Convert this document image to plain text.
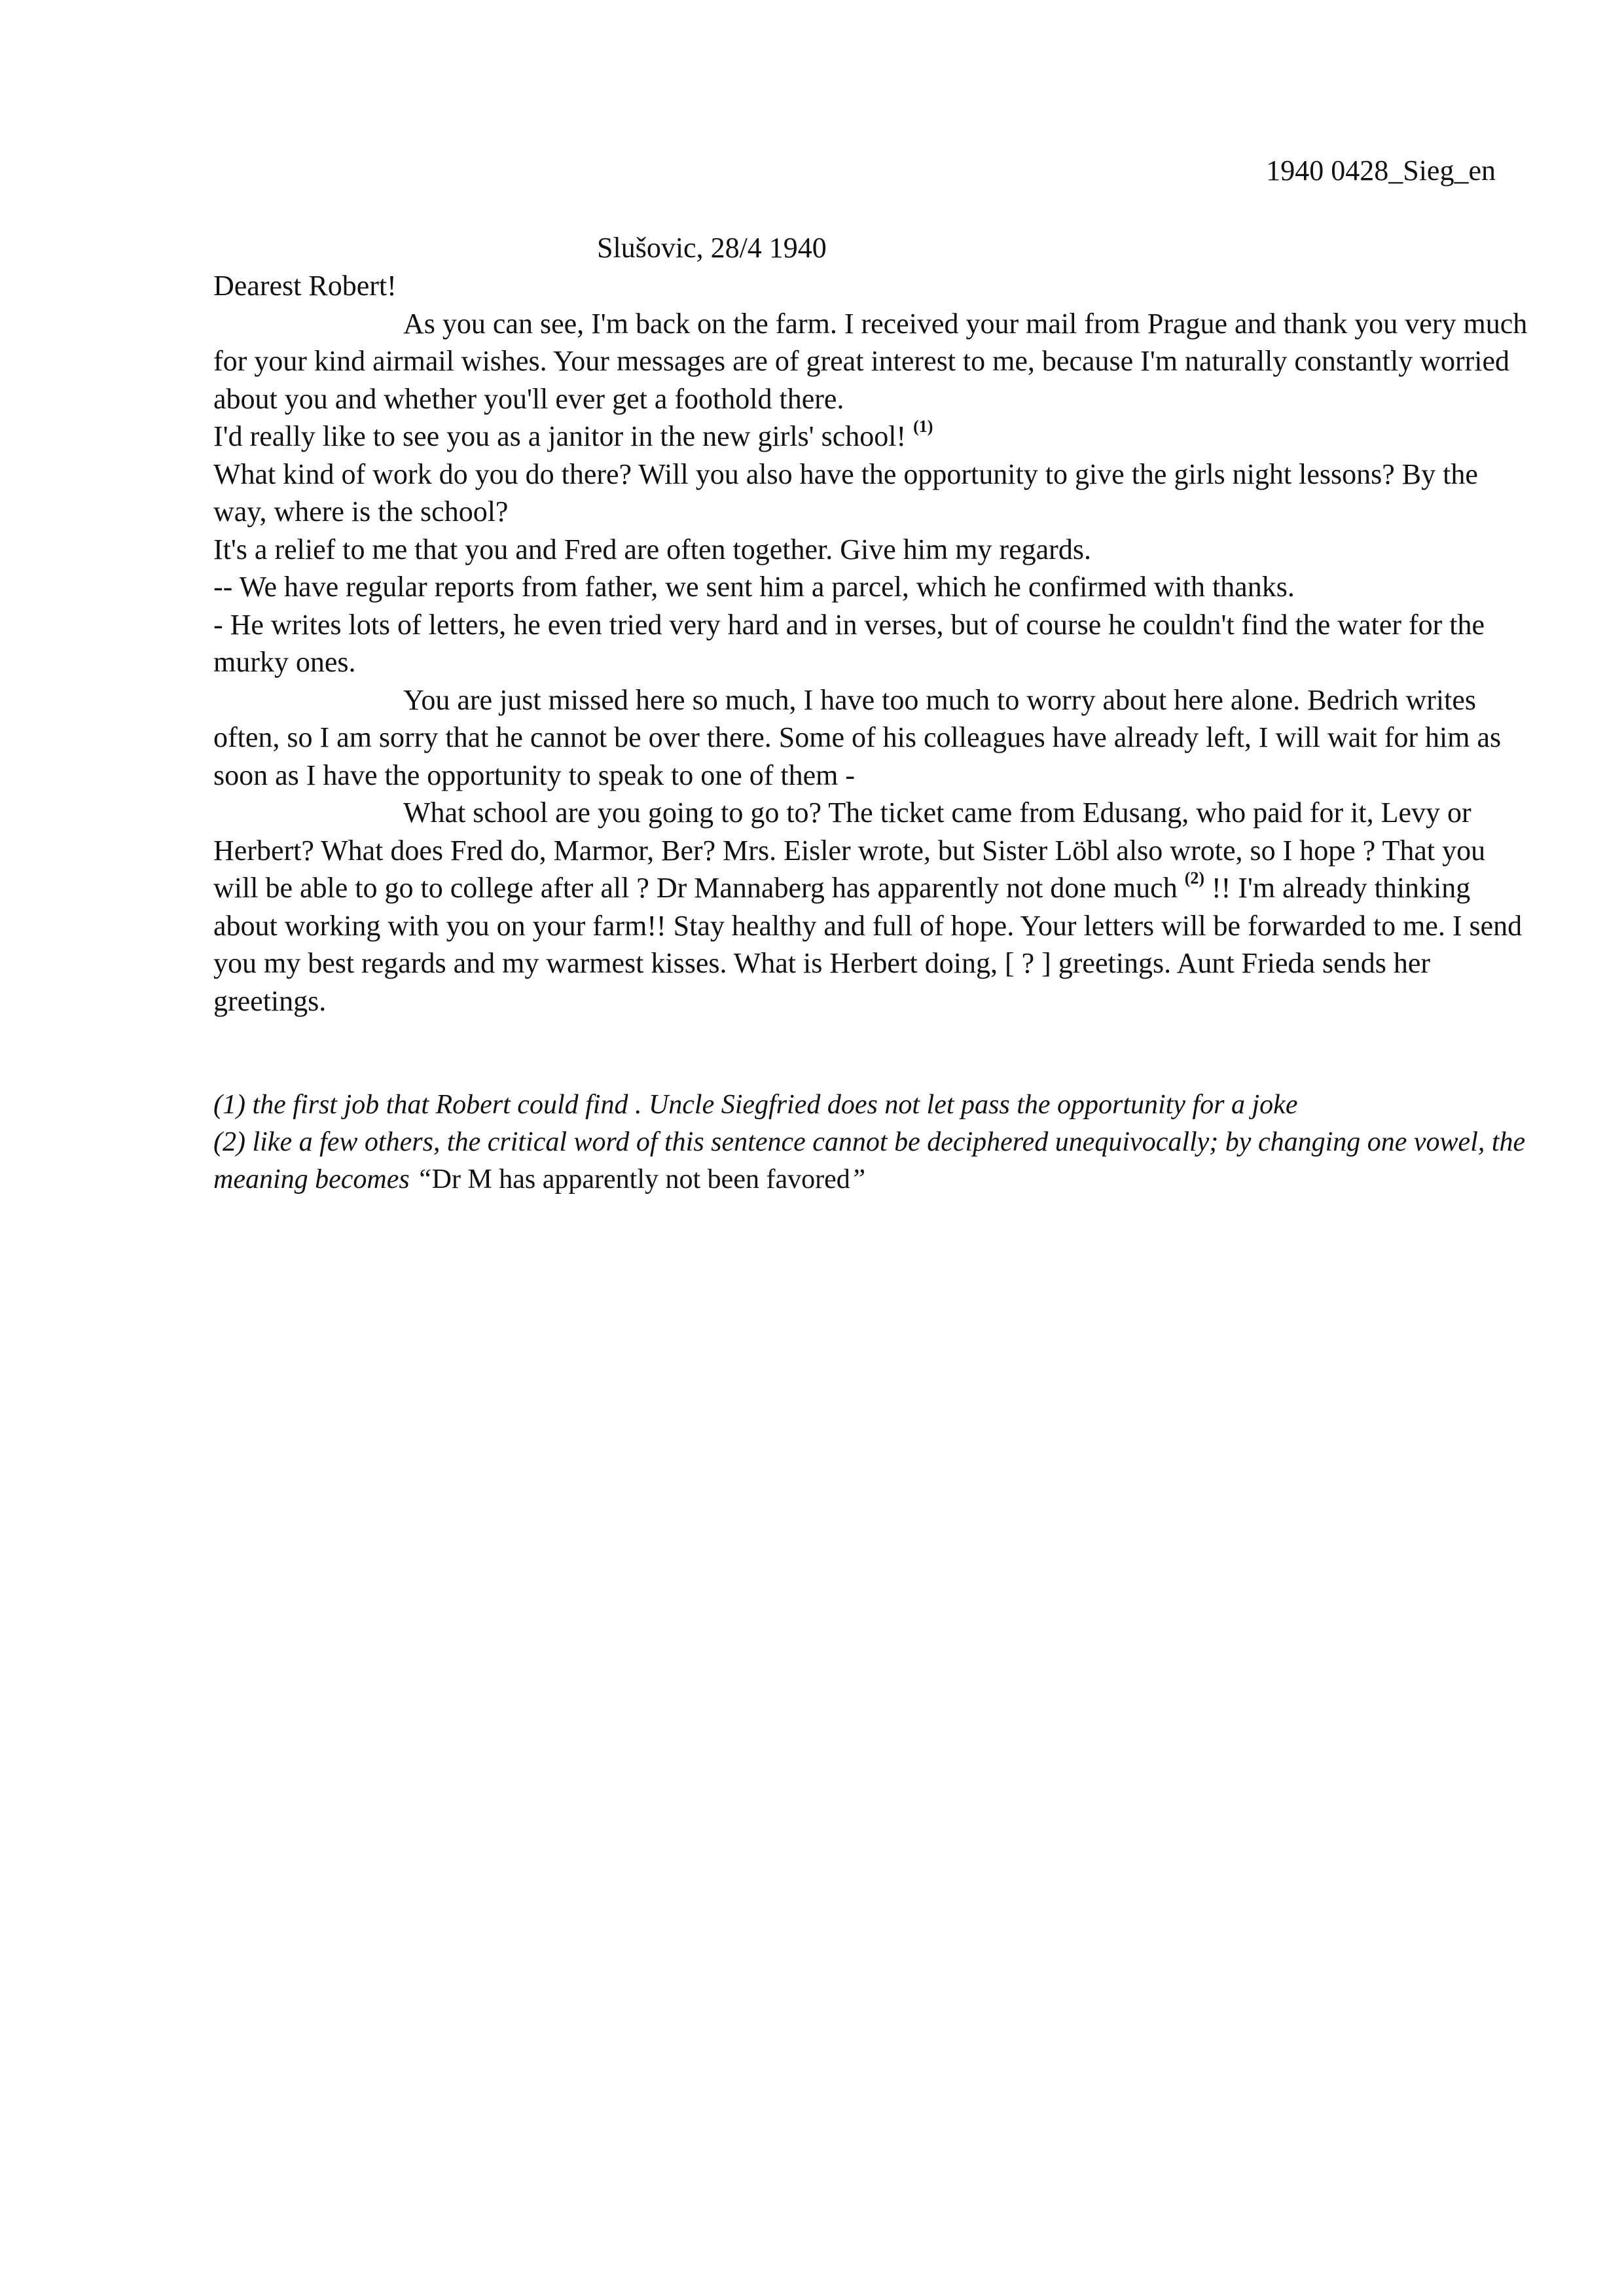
1940 0428_Sieg_en
Slušovic, 28/4 1940

Dearest Robert!

As you can see, I'm back on the farm. I received your mail from Prague and thank you very much for your kind airmail wishes. Your messages are of great interest to me, because I'm naturally constantly worried about you and whether you'll ever get a foothold there.

I'd really like to see you as a janitor in the new girls' school! $^{(1)}$

What kind of work do you do there? Will you also have the opportunity to give the girls night lessons? By the way, where is the school?

It's a relief to me that you and Fred are often together. Give him my regards.

-- We have regular reports from father, we sent him a parcel, which he confirmed with thanks.

- He writes lots of letters, he even tried very hard and in verses, but of course he couldn't find the water for the murky ones.

You are just missed here so much, I have too much to worry about here alone. Bedrich writes often, so I am sorry that he cannot be over there. Some of his colleagues have already left, I will wait for him as soon as I have the opportunity to speak to one of them -

What school are you going to go to? The ticket came from Edusang, who paid for it, Levy or Herbert? What does Fred do, Marmor, Ber? Mrs. Eisler wrote, but Sister Löbl also wrote, so I hope ? That you will be able to go to college after all ? Dr Mannaberg has apparently not done much $^{(2)}$ !! I'm already thinking about working with you on your farm!! Stay healthy and full of hope. Your letters will be forwarded to me. I send you my best regards and my warmest kisses. What is Herbert doing, [ ? ] greetings. Aunt Frieda sends her greetings.

(1) the first job that Robert could find . Uncle Siegfried does not let pass the opportunity for a joke

(2) like a few others, the critical word of this sentence cannot be deciphered unequivocally; by changing one vowel, the meaning becomes “Dr M has apparently not been favored”
